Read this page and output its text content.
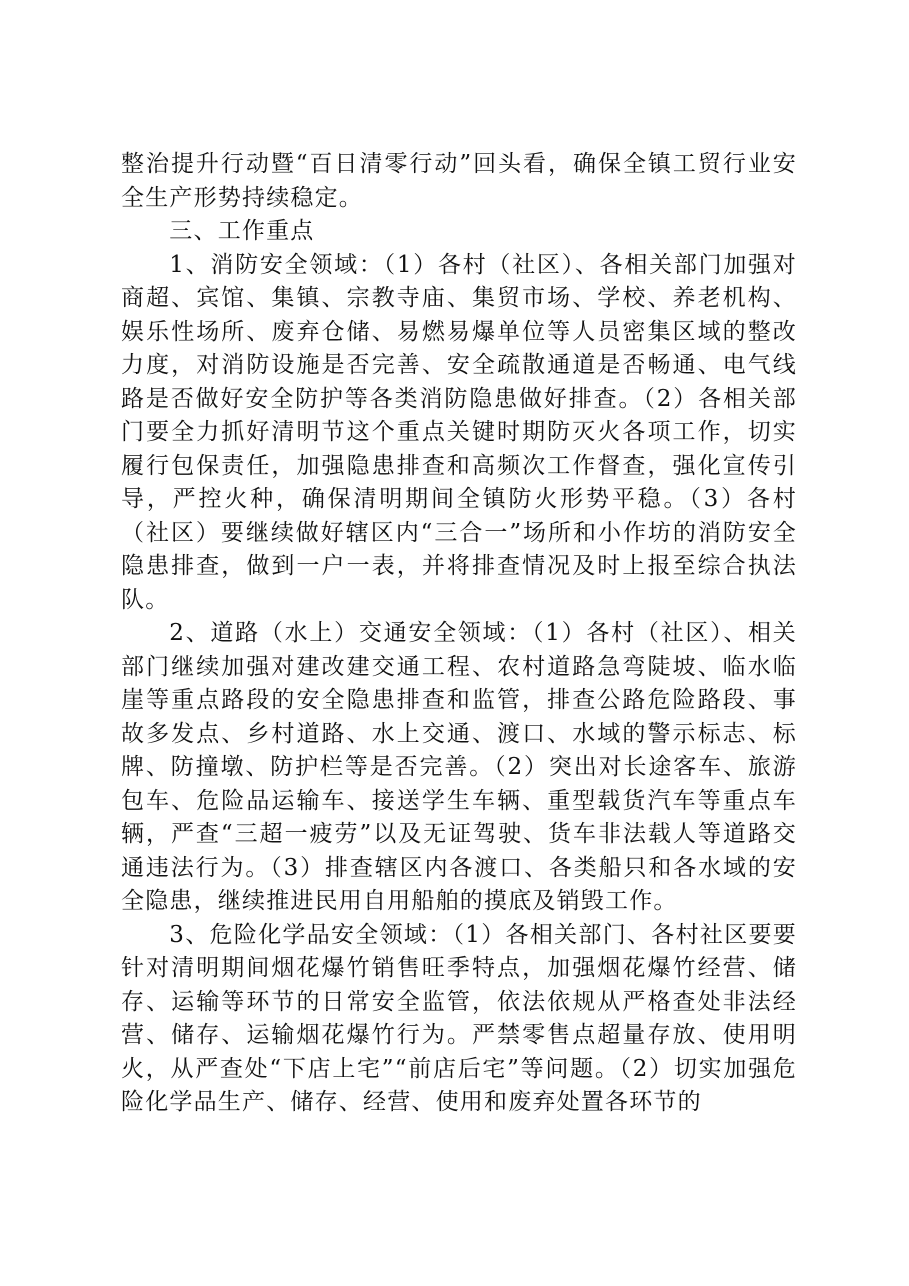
整治提升行动暨“百日清零行动”回头看，确保全镇工贸行业安全生产形势持续稳定。

三、工作重点

1、消防安全领域：（1）各村（社区）、各相关部门加强对商超、宾馆、集镇、宗教寺庙、集贸市场、学校、养老机构、娱乐性场所、废弃仓储、易燃易爆单位等人员密集区域的整改力度，对消防设施是否完善、安全疏散通道是否畅通、电气线路是否做好安全防护等各类消防隐患做好排查。（2）各相关部门要全力抓好清明节这个重点关键时期防灭火各项工作，切实履行包保责任，加强隐患排查和高频次工作督查，强化宣传引导，严控火种，确保清明期间全镇防火形势平稳。（3）各村（社区）要继续做好辖区内“三合一”场所和小作坊的消防安全隐患排查，做到一户一表，并将排查情况及时上报至综合执法队。

2、道路（水上）交通安全领域：（1）各村（社区）、相关部门继续加强对建改建交通工程、农村道路急弯陡坡、临水临崖等重点路段的安全隐患排查和监管，排查公路危险路段、事故多发点、乡村道路、水上交通、渡口、水域的警示标志、标牌、防撞墩、防护栏等是否完善。（2）突出对长途客车、旅游包车、危险品运输车、接送学生车辆、重型载货汽车等重点车辆，严查“三超一疲劳”以及无证驾驶、货车非法载人等道路交通违法行为。（3）排查辖区内各渡口、各类船只和各水域的安全隐患，继续推进民用自用船舶的摸底及销毁工作。

3、危险化学品安全领域：（1）各相关部门、各村社区要要针对清明期间烟花爆竹销售旺季特点，加强烟花爆竹经营、储存、运输等环节的日常安全监管，依法依规从严格查处非法经营、储存、运输烟花爆竹行为。严禁零售点超量存放、使用明火，从严查处“下店上宅”“前店后宅”等问题。（2）切实加强危险化学品生产、储存、经营、使用和废弃处置各环节的
